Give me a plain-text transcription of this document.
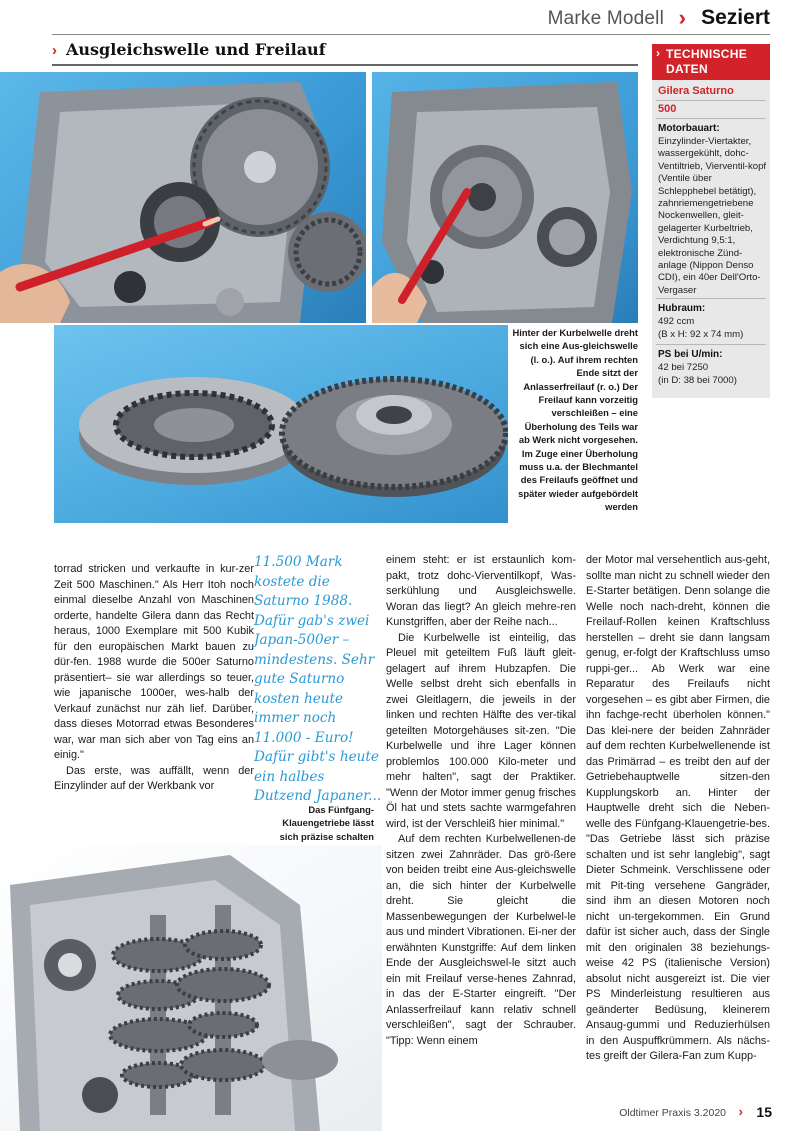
Marke Modell › Seziert
› Ausgleichswelle und Freilauf
Hinter der Kurbelwelle dreht sich eine Aus-gleichswelle (l. o.). Auf ihrem rechten Ende sitzt der Anlasserfreilauf (r. o.) Der Freilauf kann vorzeitig verschleißen – eine Überholung des Teils war ab Werk nicht vorgesehen. Im Zuge einer Überholung muss u.a. der Blechmantel des Freilaufs geöffnet und später wieder aufgebördelt werden
› TECHNISCHE
DATEN
Gilera Saturno
500
Motorbauart:
Einzylinder-Viertakter, wassergekühlt, dohc-Ventiltrieb, Vierventil-kopf (Ventile über Schlepphebel betätigt), zahnriemengetriebene Nockenwellen, gleit-gelagerter Kurbeltrieb, Verdichtung 9,5:1, elektronische Zünd-anlage (Nippon Denso CDI), ein 40er Dell'Orto-Vergaser
Hubraum:
492 ccm
(B x H: 92 x 74 mm)
PS bei U/min:
42 bei 7250
(in D: 38 bei 7000)

torrad stricken und verkaufte in kur-zer Zeit 500 Maschinen." Als Herr Itoh noch einmal dieselbe Anzahl von Maschinen orderte, handelte Gilera dann das Recht heraus, 1000 Exemplare mit 500 Kubik für den europäischen Markt bauen zu dür-fen. 1988 wurde die 500er Saturno präsentiert– sie war allerdings so teuer, wie japanische 1000er, wes-halb der Verkauf zunächst nur zäh lief. Darüber, dass dieses Motorrad etwas Besonderes war, war man sich aber von Tag eins an einig."

Das erste, was auffällt, wenn der Einzylinder auf der Werkbank vor

11.500 Mark kostete die Saturno 1988. Dafür gab's zwei Japan-500er – mindestens. Sehr gute Saturno kosten heute immer noch 11.000 - Euro! Dafür gibt's heute ein halbes Dutzend Japaner...
Das Fünfgang-Klauengetriebe lässt sich präzise schalten

einem steht: er ist erstaunlich kom-pakt, trotz dohc-Vierventilkopf, Was-serkühlung und Ausgleichswelle. Woran das liegt? An gleich mehre-ren Kunstgriffen, aber der Reihe nach...

Die Kurbelwelle ist einteilig, das Pleuel mit geteiltem Fuß läuft gleit-gelagert auf ihrem Hubzapfen. Die Welle selbst dreht sich ebenfalls in zwei Gleitlagern, die jeweils in der linken und rechten Hälfte des ver-tikal geteilten Motorgehäuses sit-zen. "Die Kurbelwelle und ihre Lager können problemlos 100.000 Kilo-meter und mehr halten", sagt der Praktiker. "Wenn der Motor immer genug frisches Öl hat und stets sachte warmgefahren wird, ist der Verschleiß hier minimal."

Auf dem rechten Kurbelwellenen-de sitzen zwei Zahnräder. Das grö-ßere von beiden treibt eine Aus-gleichswelle an, die sich hinter der Kurbelwelle dreht. Sie gleicht die Massenbewegungen der Kurbelwel-le aus und mindert Vibrationen. Ei-ner der erwähnten Kunstgriffe: Auf dem linken Ende der Ausgleichswel-le sitzt auch ein mit Freilauf verse-henes Zahnrad, in das der E-Starter eingreift. "Der Anlasserfreilauf kann relativ schnell verschleißen", sagt der Schrauber. "Tipp: Wenn einem

der Motor mal versehentlich aus-geht, sollte man nicht zu schnell wieder den E-Starter betätigen. Denn solange die Welle noch nach-dreht, können die Freilauf-Rollen keinen Kraftschluss herstellen – dreht sie dann langsam genug, er-folgt der Kraftschluss umso ruppi-ger... Ab Werk war eine Reparatur des Freilaufs nicht vorgesehen – es gibt aber Firmen, die ihn fachge-recht überholen können." Das klei-nere der beiden Zahnräder auf dem rechten Kurbelwellenende ist das Primärrad – es treibt den auf der Getriebehauptwelle sitzen-den Kupplungskorb an. Hinter der Hauptwelle dreht sich die Neben-welle des Fünfgang-Klauengetrie-bes. "Das Getriebe lässt sich präzise schalten und ist sehr langlebig", sagt Dieter Schmeink. Verschlissene oder mit Pit-ting versehene Gangräder, sind ihm an diesen Motoren noch nicht un-tergekommen. Ein Grund dafür ist sicher auch, dass der Single mit den originalen 38 beziehungs-weise 42 PS (italienische Version) absolut nicht ausgereizt ist. Die vier PS Minderleistung resultieren aus geänderter Bedüsung, kleinerem Ansaug-gummi und Reduzierhülsen in den Auspuffkrümmern. Als nächs-tes greift der Gilera-Fan zum Kupp-

Oldtimer Praxis 3.2020 › 15
